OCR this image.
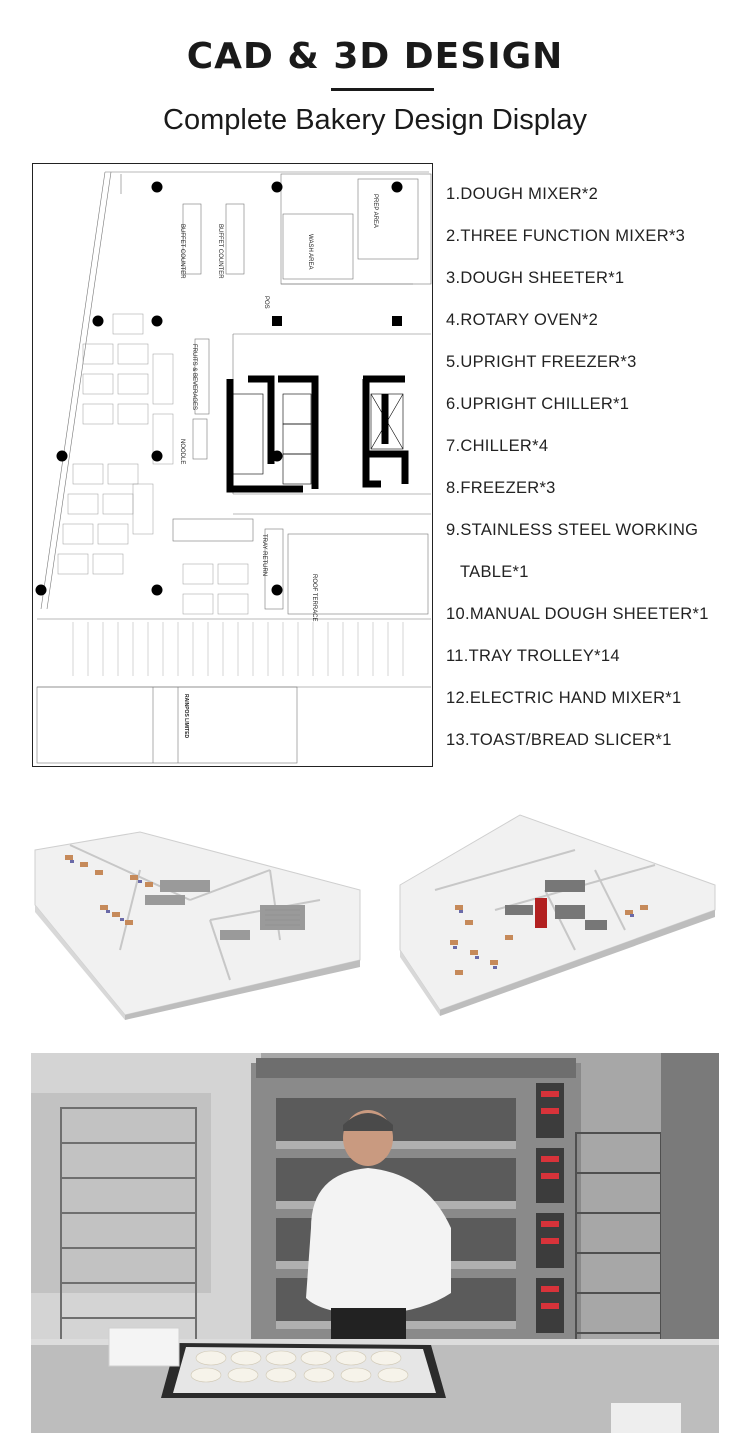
CAD & 3D DESIGN
Complete Bakery Design Display
PREP AREA
WASH AREA
BUFFET COUNTER	BUFFET COUNTER
POS
FRUITS & BEVERAGES
NOODLE
TRAY RETURN
ROOF TERRACE
RAINPOS LIMITED
1.DOUGH MIXER*2
2.THREE FUNCTION MIXER*3
3.DOUGH SHEETER*1
4.ROTARY OVEN*2
5.UPRIGHT FREEZER*3
6.UPRIGHT CHILLER*1
7.CHILLER*4
8.FREEZER*3
9.STAINLESS STEEL WORKING
TABLE*1
10.MANUAL DOUGH SHEETER*1
11.TRAY TROLLEY*14
12.ELECTRIC HAND MIXER*1
13.TOAST/BREAD SLICER*1
